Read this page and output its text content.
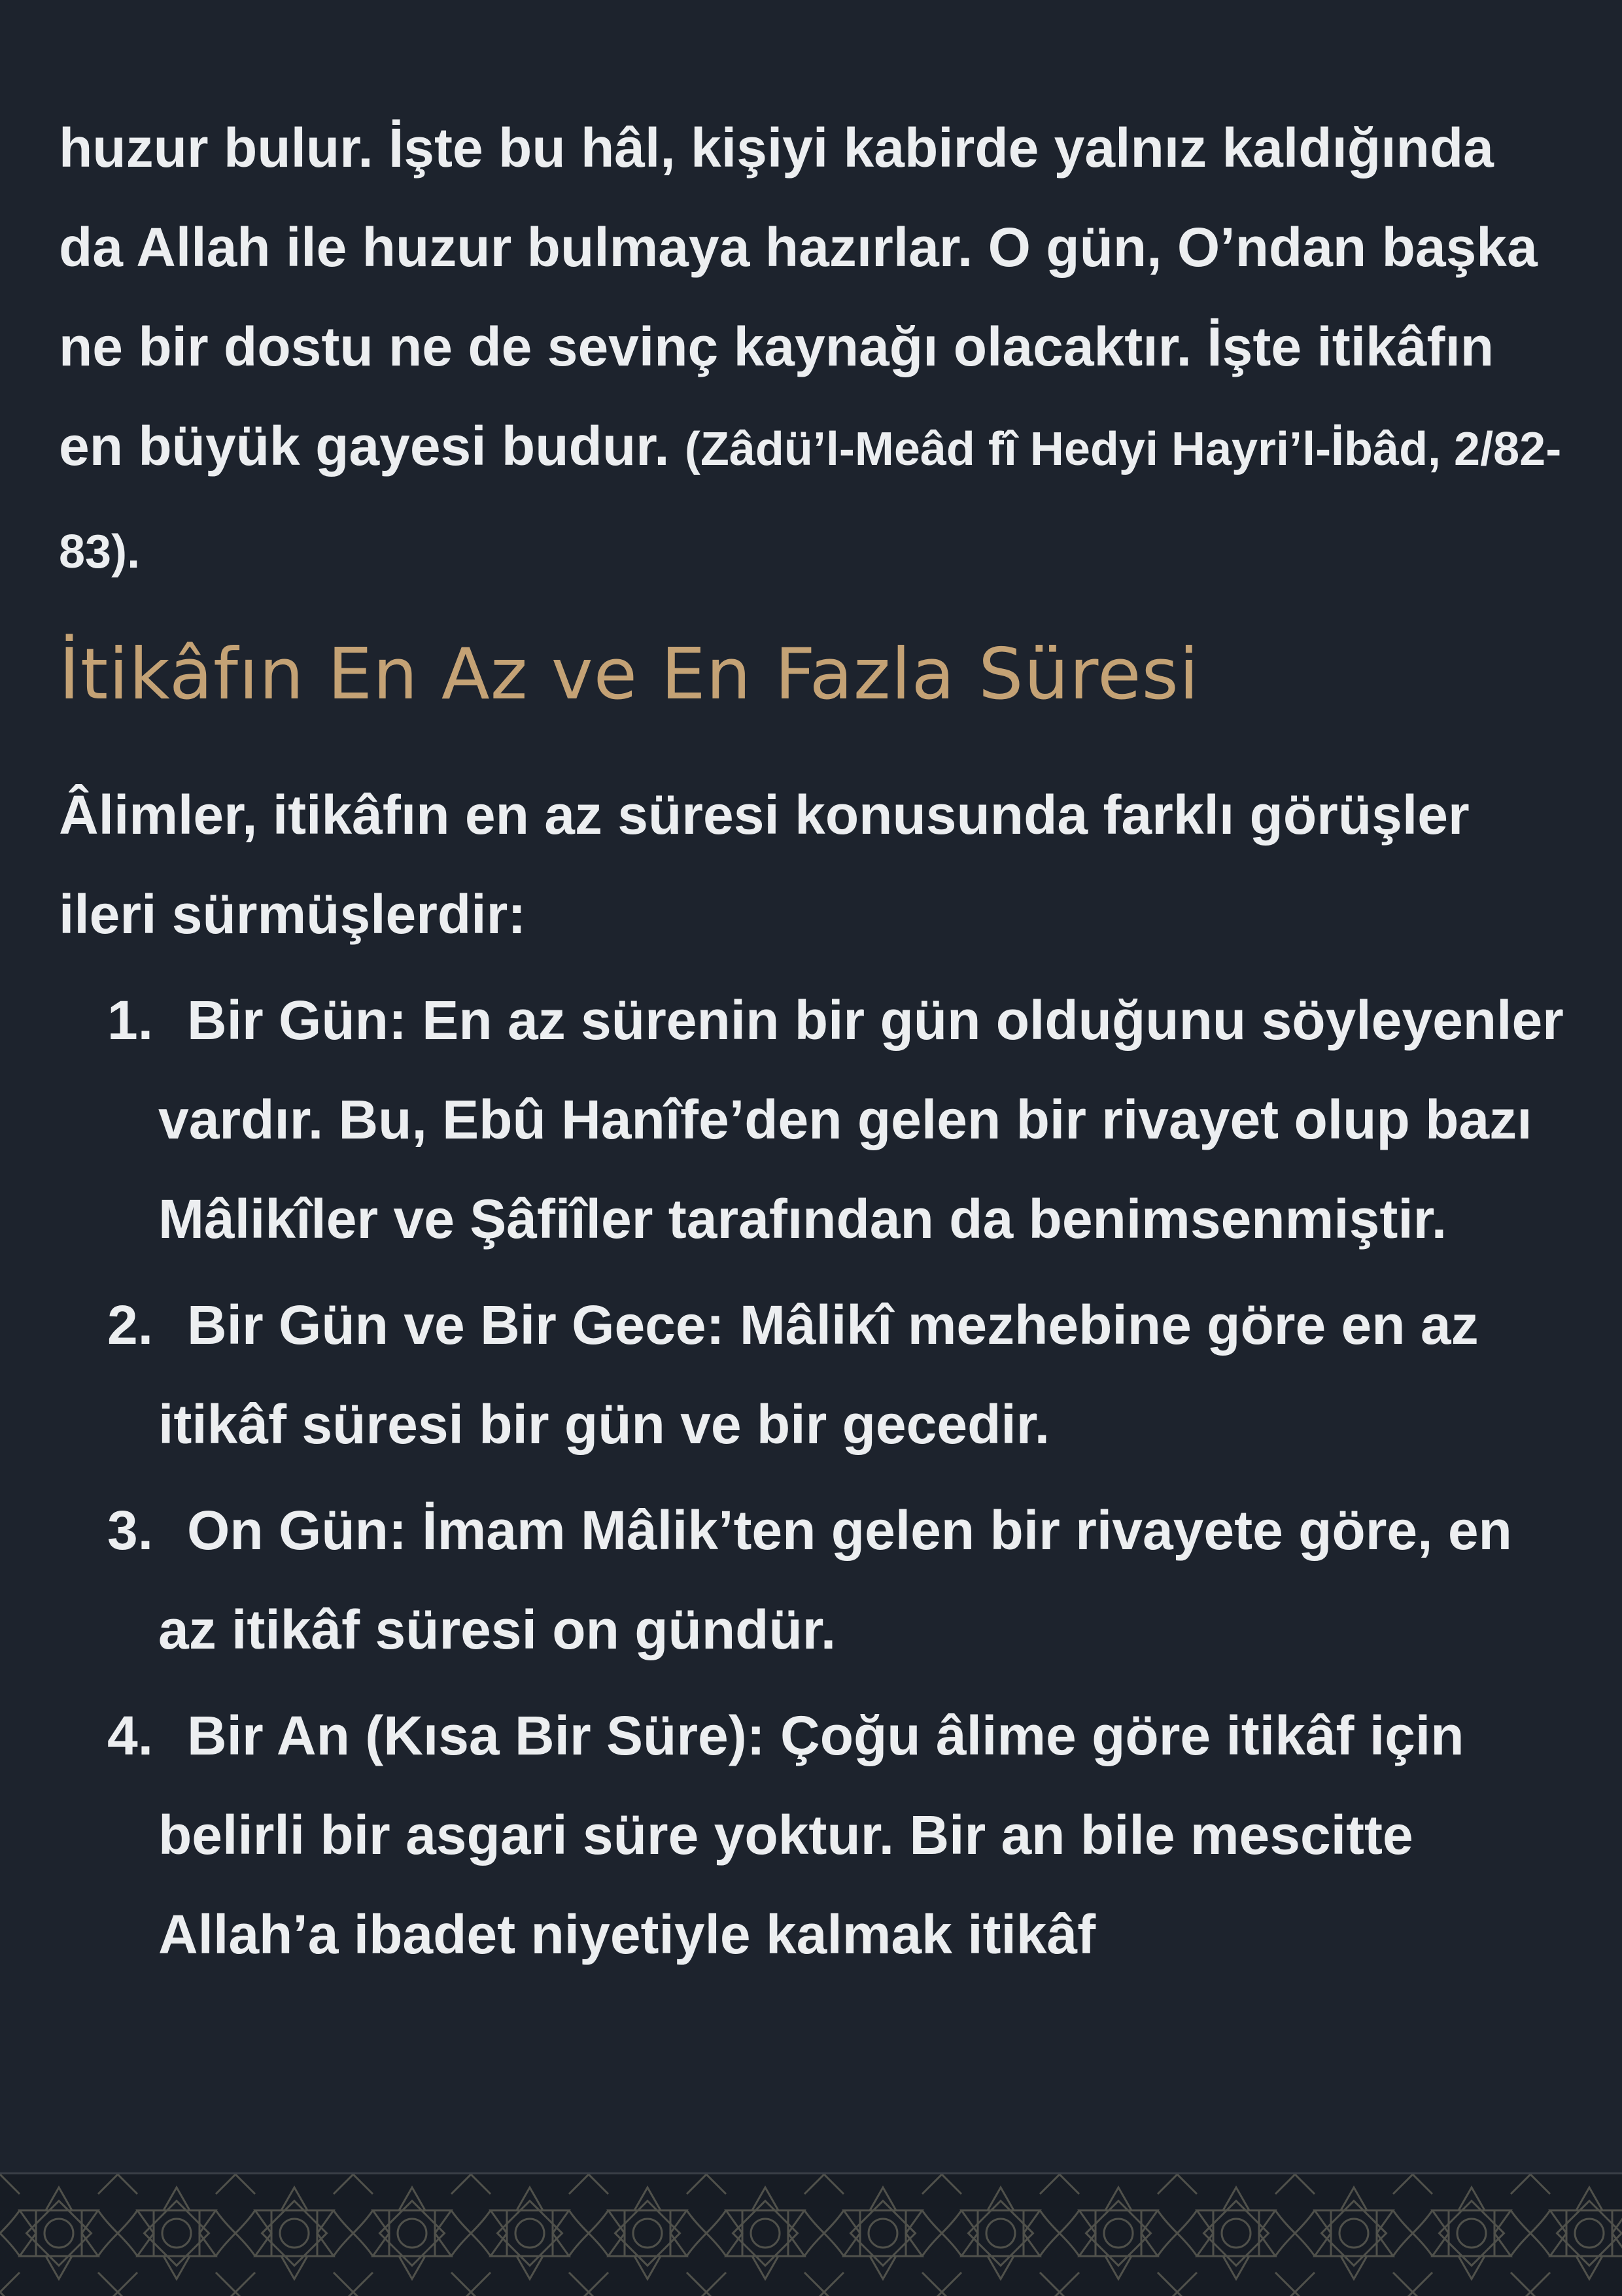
huzur bulur. İşte bu hâl, kişiyi kabirde yalnız kaldığında da Allah ile huzur bulmaya hazırlar. O gün, O’ndan başka ne bir dostu ne de sevinç kaynağı olacaktır. İşte itikâfın en büyük gayesi budur. (Zâdü’l-Meâd fî Hedyi Hayri’l-İbâd, 2/82-83).

İtikâfın En Az ve En Fazla Süresi

Âlimler, itikâfın en az süresi konusunda farklı görüşler ileri sürmüşlerdir:

1. Bir Gün: En az sürenin bir gün olduğunu söyleyenler vardır. Bu, Ebû Hanîfe’den gelen bir rivayet olup bazı Mâlikîler ve Şâfiîler tarafından da benimsenmiştir.
2. Bir Gün ve Bir Gece: Mâlikî mezhebine göre en az itikâf süresi bir gün ve bir gecedir.
3. On Gün: İmam Mâlik’ten gelen bir rivayete göre, en az itikâf süresi on gündür.
4. Bir An (Kısa Bir Süre): Çoğu âlime göre itikâf için belirli bir asgari süre yoktur. Bir an bile mescitte Allah’a ibadet niyetiyle kalmak itikâf
